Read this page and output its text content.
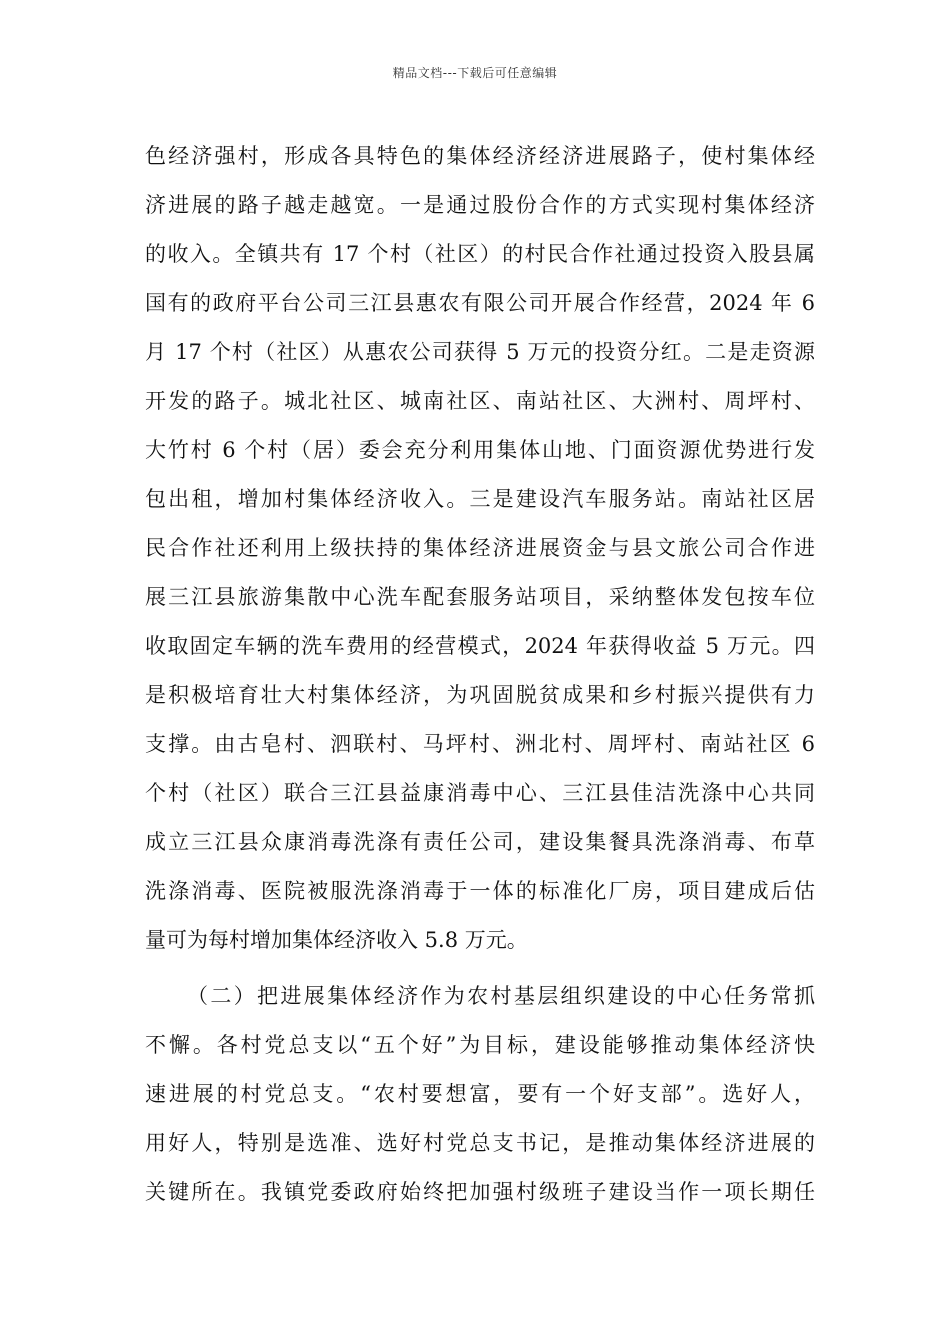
精品文档---下载后可任意编辑
色经济强村，形成各具特色的集体经济经济进展路子，使村集体经
济进展的路子越走越宽。一是通过股份合作的方式实现村集体经济
的收入。全镇共有 17 个村（社区）的村民合作社通过投资入股县属
国有的政府平台公司三江县惠农有限公司开展合作经营，2024 年 6
月 17 个村（社区）从惠农公司获得 5 万元的投资分红。二是走资源
开发的路子。城北社区、城南社区、南站社区、大洲村、周坪村、
大竹村 6 个村（居）委会充分利用集体山地、门面资源优势进行发
包出租，增加村集体经济收入。三是建设汽车服务站。南站社区居
民合作社还利用上级扶持的集体经济进展资金与县文旅公司合作进
展三江县旅游集散中心洗车配套服务站项目，采纳整体发包按车位
收取固定车辆的洗车费用的经营模式，2024 年获得收益 5 万元。四
是积极培育壮大村集体经济，为巩固脱贫成果和乡村振兴提供有力
支撑。由古皂村、泗联村、马坪村、洲北村、周坪村、南站社区 6
个村（社区）联合三江县益康消毒中心、三江县佳洁洗涤中心共同
成立三江县众康消毒洗涤有责任公司，建设集餐具洗涤消毒、布草
洗涤消毒、医院被服洗涤消毒于一体的标准化厂房，项目建成后估
量可为每村增加集体经济收入 5.8 万元。
（二）把进展集体经济作为农村基层组织建设的中心任务常抓
不懈。各村党总支以“五个好”为目标，建设能够推动集体经济快
速进展的村党总支。“农村要想富，要有一个好支部”。选好人，
用好人，特别是选准、选好村党总支书记，是推动集体经济进展的
关键所在。我镇党委政府始终把加强村级班子建设当作一项长期任
